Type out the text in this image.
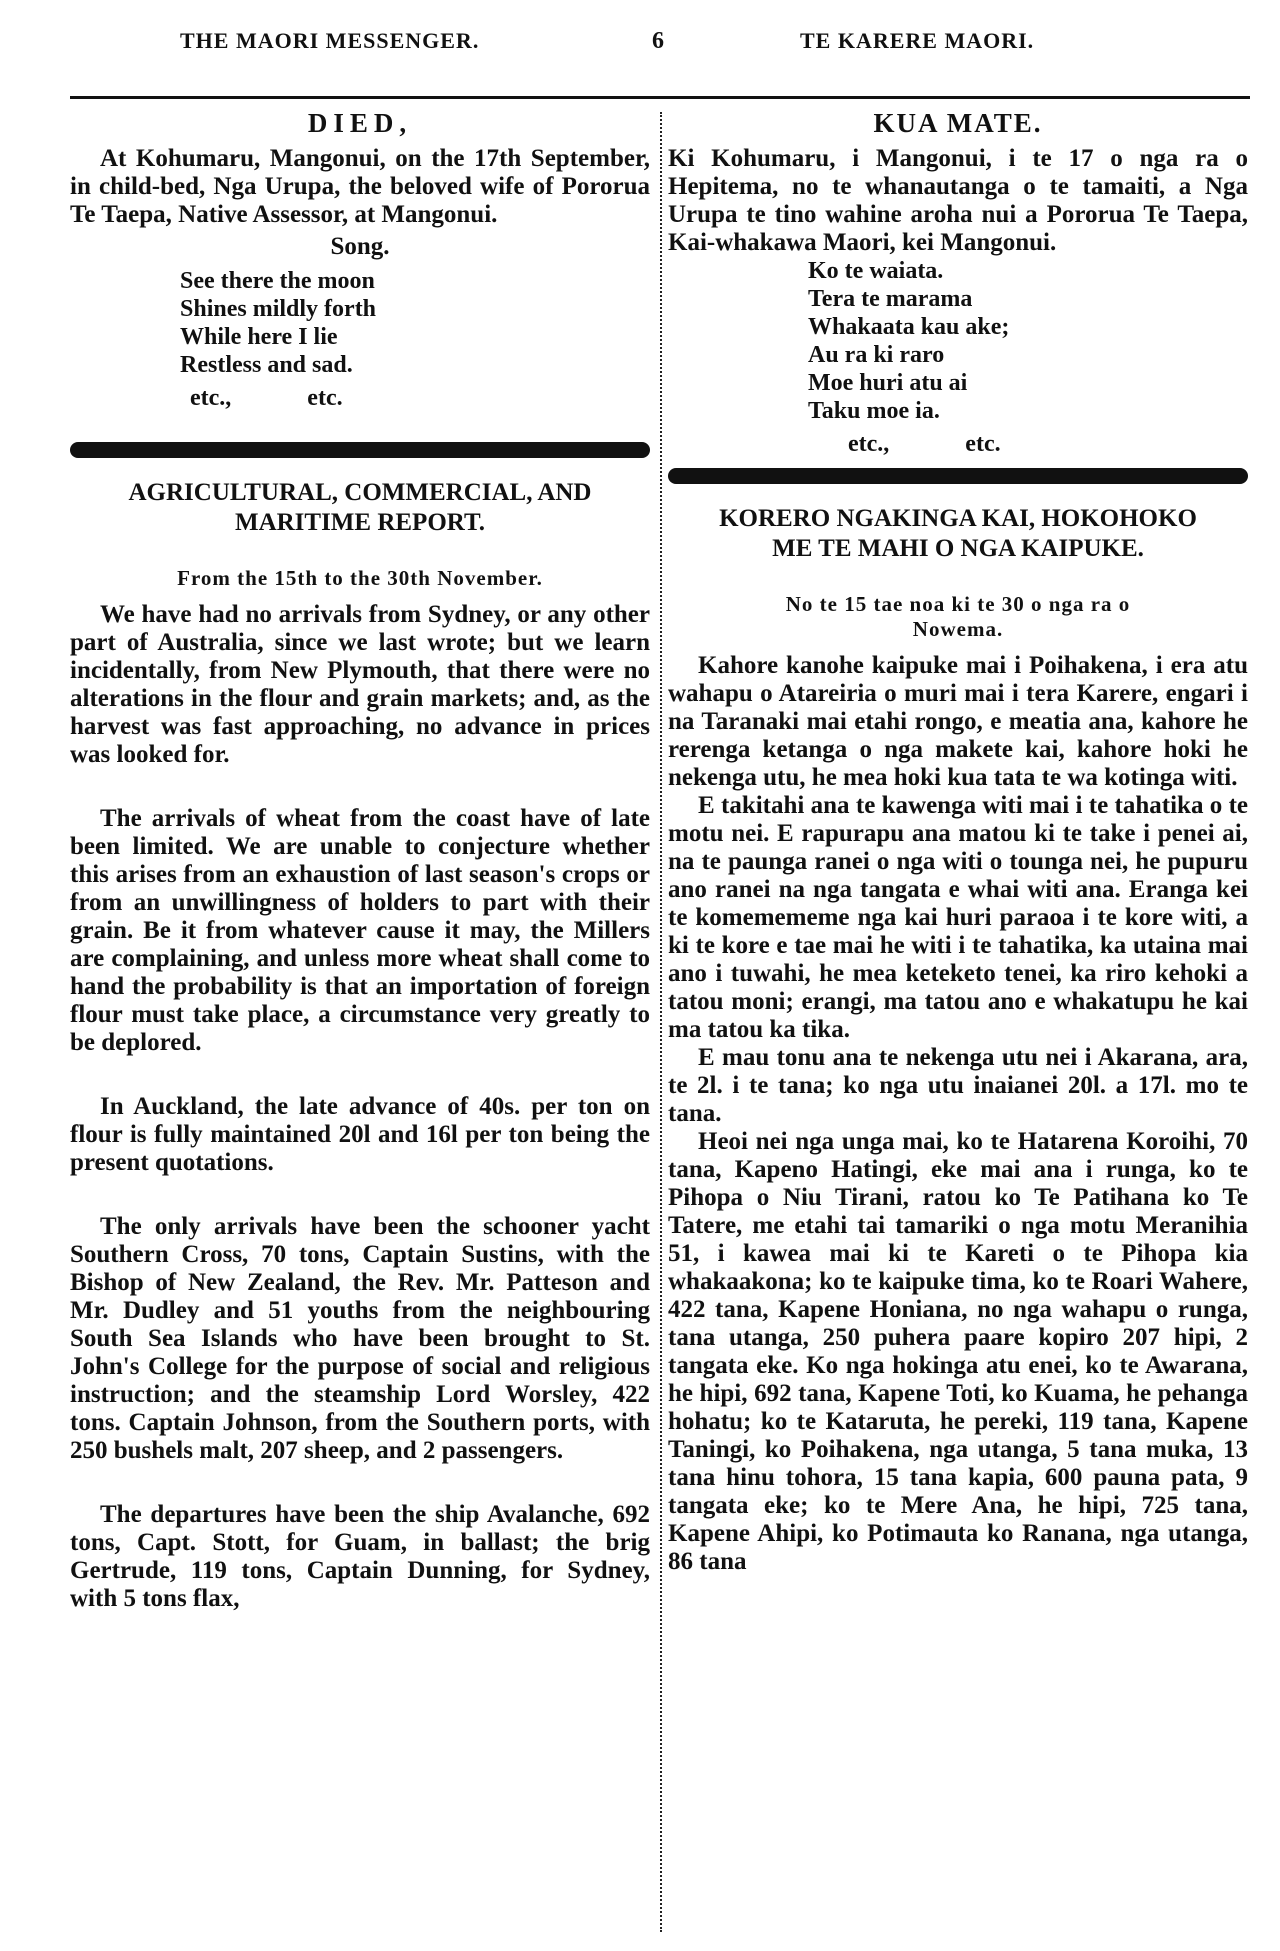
THE MAORI MESSENGER.	6	TE KARERE MAORI.
DIED,

At Kohumaru, Mangonui, on the 17th September, in child-bed, Nga Urupa, the beloved wife of Pororua Te Taepa, Native Assessor, at Mangonui.

Song.
See there the moon
Shines mildly forth
While here I lie
Restless and sad.
etc.,	etc.
AGRICULTURAL, COMMERCIAL, AND
MARITIME REPORT.
From the 15th to the 30th November.

We have had no arrivals from Sydney, or any other part of Australia, since we last wrote; but we learn incidentally, from New Plymouth, that there were no alterations in the flour and grain markets; and, as the harvest was fast approaching, no advance in prices was looked for.

The arrivals of wheat from the coast have of late been limited. We are unable to conjecture whether this arises from an exhaustion of last season's crops or from an unwillingness of holders to part with their grain. Be it from whatever cause it may, the Millers are complaining, and unless more wheat shall come to hand the probability is that an importation of foreign flour must take place, a circumstance very greatly to be deplored.

In Auckland, the late advance of 40s. per ton on flour is fully maintained 20l and 16l per ton being the present quotations.

The only arrivals have been the schooner yacht Southern Cross, 70 tons, Captain Sustins, with the Bishop of New Zealand, the Rev. Mr. Patteson and Mr. Dudley and 51 youths from the neighbouring South Sea Islands who have been brought to St. John's College for the purpose of social and religious instruction; and the steamship Lord Worsley, 422 tons. Captain Johnson, from the Southern ports, with 250 bushels malt, 207 sheep, and 2 passengers.

The departures have been the ship Avalanche, 692 tons, Capt. Stott, for Guam, in ballast; the brig Gertrude, 119 tons, Captain Dunning, for Sydney, with 5 tons flax,

KUA MATE.

Ki Kohumaru, i Mangonui, i te 17 o nga ra o Hepitema, no te whanautanga o te tamaiti, a Nga Urupa te tino wahine aroha nui a Pororua Te Taepa, Kai-whakawa Maori, kei Mangonui.

Ko te waiata.
Tera te marama
Whakaata kau ake;
Au ra ki raro
Moe huri atu ai
Taku moe ia.
etc.,	etc.
KORERO NGAKINGA KAI, HOKOHOKO
ME TE MAHI O NGA KAIPUKE.
No te 15 tae noa ki te 30 o nga ra o
Nowema.

Kahore kanohe kaipuke mai i Poihakena, i era atu wahapu o Atareiria o muri mai i tera Karere, engari i na Taranaki mai etahi rongo, e meatia ana, kahore he rerenga ketanga o nga makete kai, kahore hoki he nekenga utu, he mea hoki kua tata te wa kotinga witi.

E takitahi ana te kawenga witi mai i te tahatika o te motu nei. E rapurapu ana matou ki te take i penei ai, na te paunga ranei o nga witi o tounga nei, he pupuru ano ranei na nga tangata e whai witi ana. Eranga kei te komemememe nga kai huri paraoa i te kore witi, a ki te kore e tae mai he witi i te tahatika, ka utaina mai ano i tuwahi, he mea keteketo tenei, ka riro kehoki a tatou moni; erangi, ma tatou ano e whakatupu he kai ma tatou ka tika.

E mau tonu ana te nekenga utu nei i Akarana, ara, te 2l. i te tana; ko nga utu inaianei 20l. a 17l. mo te tana.

Heoi nei nga unga mai, ko te Hatarena Koroihi, 70 tana, Kapeno Hatingi, eke mai ana i runga, ko te Pihopa o Niu Tirani, ratou ko Te Patihana ko Te Tatere, me etahi tai tamariki o nga motu Meranihia 51, i kawea mai ki te Kareti o te Pihopa kia whakaakona; ko te kaipuke tima, ko te Roari Wahere, 422 tana, Kapene Honiana, no nga wahapu o runga, tana utanga, 250 puhera paare kopiro 207 hipi, 2 tangata eke. Ko nga hokinga atu enei, ko te Awarana, he hipi, 692 tana, Kapene Toti, ko Kuama, he pehanga hohatu; ko te Kataruta, he pereki, 119 tana, Kapene Taningi, ko Poihakena, nga utanga, 5 tana muka, 13 tana hinu tohora, 15 tana kapia, 600 pauna pata, 9 tangata eke; ko te Mere Ana, he hipi, 725 tana, Kapene Ahipi, ko Potimauta ko Ranana, nga utanga, 86 tana
